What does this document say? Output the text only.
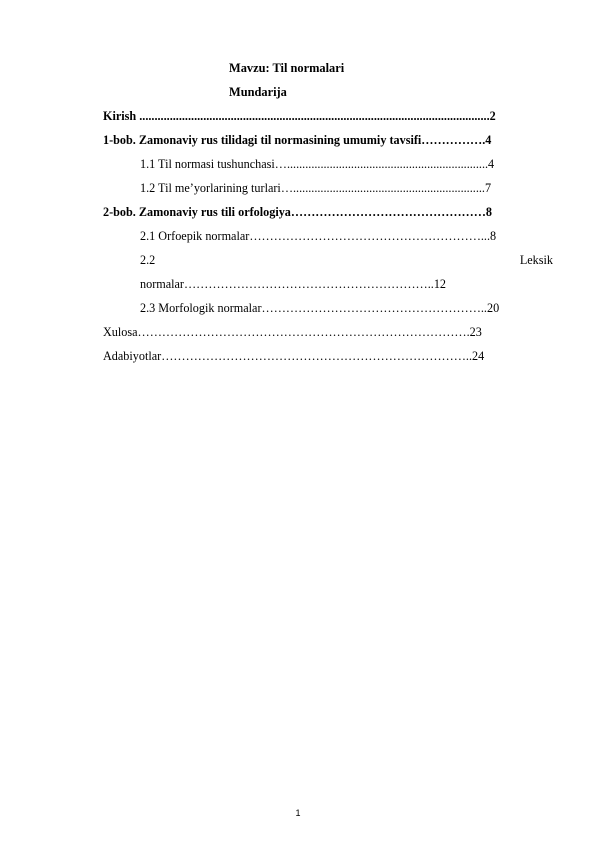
Mavzu: Til normalari
Mundarija
Kirish ...................................................................................................................2
1-bob. Zamonaviy rus tilidagi til normasining umumiy tavsifi…………….4
1.1 Til normasi tushunchasi…..................................................................4
1.2 Til me’yorlarining turlari…...............................................................7
2-bob. Zamonaviy rus tili orfologiya…………………………………………8
2.1 Orfoepik normalar…………………………………………………...8
2.2	Leksik
normalar……………………………………………………..12
2.3 Morfologik normalar………………………………………………..20
Xulosa……………………………………………………………………….23
Adabiyotlar…………………………………………………………………..24
1
